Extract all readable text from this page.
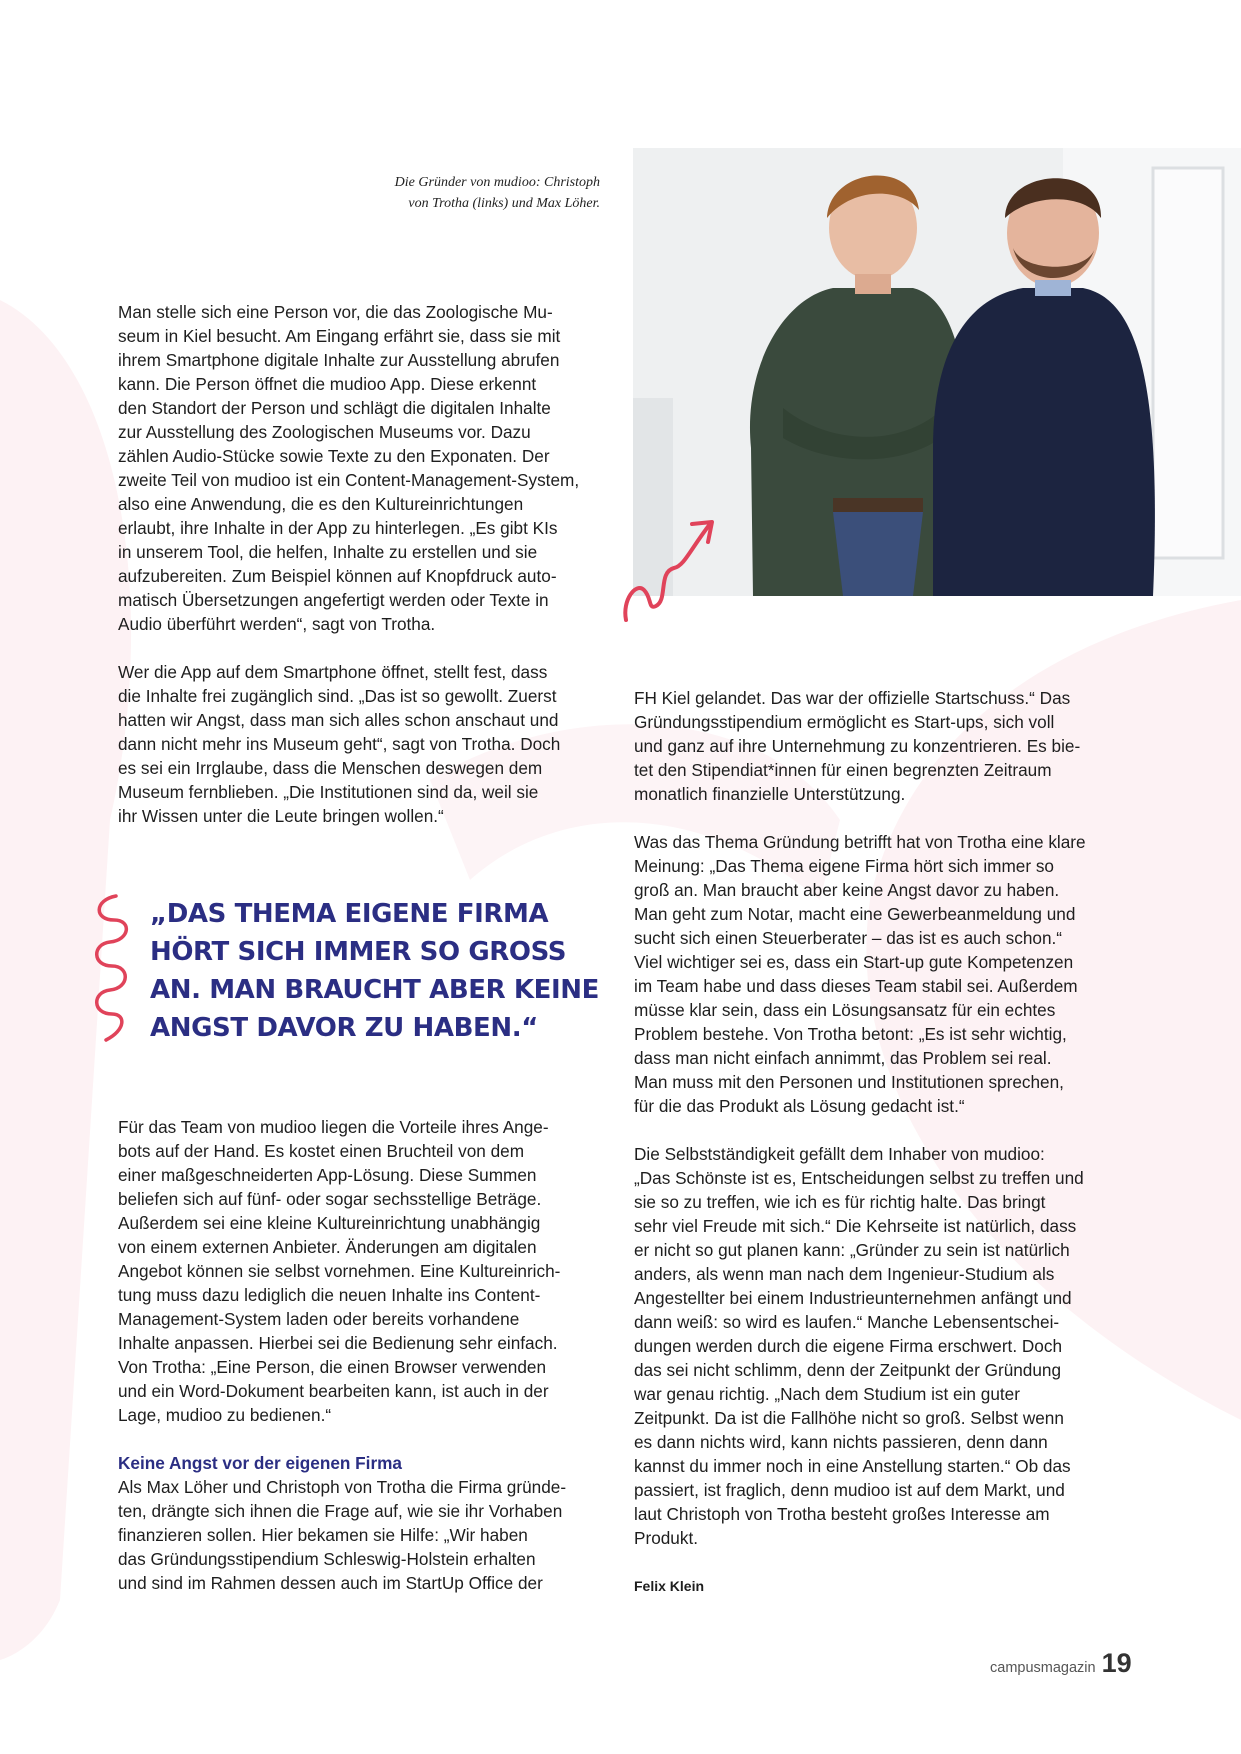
Die Gründer von mudioo: Christoph
von Trotha (links) und Max Löher.

Man stelle sich eine Person vor, die das Zoologische Mu-
seum in Kiel besucht. Am Eingang erfährt sie, dass sie mit
ihrem Smartphone digitale Inhalte zur Ausstellung abrufen
kann. Die Person öffnet die mudioo App. Diese erkennt
den Standort der Person und schlägt die digitalen Inhalte
zur Ausstellung des Zoologischen Museums vor. Dazu
zählen Audio-Stücke sowie Texte zu den Exponaten. Der
zweite Teil von mudioo ist ein Content-Management-System,
also eine Anwendung, die es den Kultureinrichtungen
erlaubt, ihre Inhalte in der App zu hinterlegen. „Es gibt KIs
in unserem Tool, die helfen, Inhalte zu erstellen und sie
aufzubereiten. Zum Beispiel können auf Knopfdruck auto-
matisch Übersetzungen angefertigt werden oder Texte in
Audio überführt werden“, sagt von Trotha.

Wer die App auf dem Smartphone öffnet, stellt fest, dass
die Inhalte frei zugänglich sind. „Das ist so gewollt. Zuerst
hatten wir Angst, dass man sich alles schon anschaut und
dann nicht mehr ins Museum geht“, sagt von Trotha. Doch
es sei ein Irrglaube, dass die Menschen deswegen dem
Museum fernblieben. „Die Institutionen sind da, weil sie
ihr Wissen unter die Leute bringen wollen.“

„DAS THEMA EIGENE FIRMA
HÖRT SICH IMMER SO GROSS
AN. MAN BRAUCHT ABER KEINE
ANGST DAVOR ZU HABEN.“

Für das Team von mudioo liegen die Vorteile ihres Ange-
bots auf der Hand. Es kostet einen Bruchteil von dem
einer maßgeschneiderten App-Lösung. Diese Summen
beliefen sich auf fünf- oder sogar sechsstellige Beträge.
Außerdem sei eine kleine Kultureinrichtung unabhängig
von einem externen Anbieter. Änderungen am digitalen
Angebot können sie selbst vornehmen. Eine Kultureinrich-
tung muss dazu lediglich die neuen Inhalte ins Content-
Management-System laden oder bereits vorhandene
Inhalte anpassen. Hierbei sei die Bedienung sehr einfach.
Von Trotha: „Eine Person, die einen Browser verwenden
und ein Word-Dokument bearbeiten kann, ist auch in der
Lage, mudioo zu bedienen.“

Keine Angst vor der eigenen Firma

Als Max Löher und Christoph von Trotha die Firma gründe-
ten, drängte sich ihnen die Frage auf, wie sie ihr Vorhaben
finanzieren sollen. Hier bekamen sie Hilfe: „Wir haben
das Gründungsstipendium Schleswig-Holstein erhalten
und sind im Rahmen dessen auch im StartUp Office der

FH Kiel gelandet. Das war der offizielle Startschuss.“ Das
Gründungsstipendium ermöglicht es Start-ups, sich voll
und ganz auf ihre Unternehmung zu konzentrieren. Es bie-
tet den Stipendiat*innen für einen begrenzten Zeitraum
monatlich finanzielle Unterstützung.

Was das Thema Gründung betrifft hat von Trotha eine klare
Meinung: „Das Thema eigene Firma hört sich immer so
groß an. Man braucht aber keine Angst davor zu haben.
Man geht zum Notar, macht eine Gewerbeanmeldung und
sucht sich einen Steuerberater – das ist es auch schon.“
Viel wichtiger sei es, dass ein Start-up gute Kompetenzen
im Team habe und dass dieses Team stabil sei. Außerdem
müsse klar sein, dass ein Lösungsansatz für ein echtes
Problem bestehe. Von Trotha betont: „Es ist sehr wichtig,
dass man nicht einfach annimmt, das Problem sei real.
Man muss mit den Personen und Institutionen sprechen,
für die das Produkt als Lösung gedacht ist.“

Die Selbstständigkeit gefällt dem Inhaber von mudioo:
„Das Schönste ist es, Entscheidungen selbst zu treffen und
sie so zu treffen, wie ich es für richtig halte. Das bringt
sehr viel Freude mit sich.“ Die Kehrseite ist natürlich, dass
er nicht so gut planen kann: „Gründer zu sein ist natürlich
anders, als wenn man nach dem Ingenieur-Studium als
Angestellter bei einem Industrieunternehmen anfängt und
dann weiß: so wird es laufen.“ Manche Lebensentschei-
dungen werden durch die eigene Firma erschwert. Doch
das sei nicht schlimm, denn der Zeitpunkt der Gründung
war genau richtig. „Nach dem Studium ist ein guter
Zeitpunkt. Da ist die Fallhöhe nicht so groß. Selbst wenn
es dann nichts wird, kann nichts passieren, denn dann
kannst du immer noch in eine Anstellung starten.“ Ob das
passiert, ist fraglich, denn mudioo ist auf dem Markt, und
laut Christoph von Trotha besteht großes Interesse am
Produkt.

Felix Klein
campusmagazin 19
